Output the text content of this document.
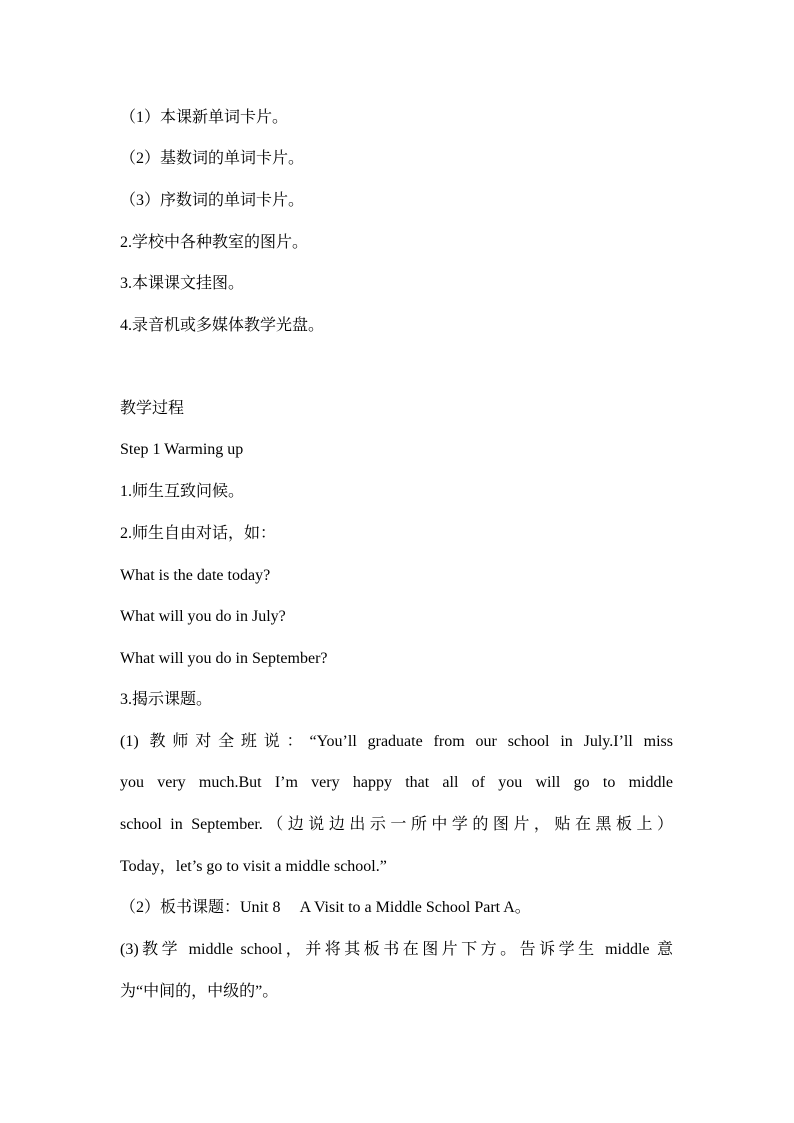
（1）本课新单词卡片。
（2）基数词的单词卡片。
（3）序数词的单词卡片。
2.学校中各种教室的图片。
3.本课课文挂图。
4.录音机或多媒体教学光盘。
教学过程
Step 1 Warming up
1.师生互致问候。
2.师生自由对话，如：
What is the date today?
What will you do in July?
What will you do in September?
3.揭示课题。
(1) 教师对全班说：“You’ll graduate from our school in July.I’ll miss
you very much.But I’m very happy that all of you will go to middle
school in September.（边说边出示一所中学的图片，贴在黑板上）
Today，let’s go to visit a middle school.”
（2）板书课题：Unit 8　 A Visit to a Middle School Part A。
(3)教学 middle school，并将其板书在图片下方。告诉学生 middle 意
为“中间的，中级的”。
